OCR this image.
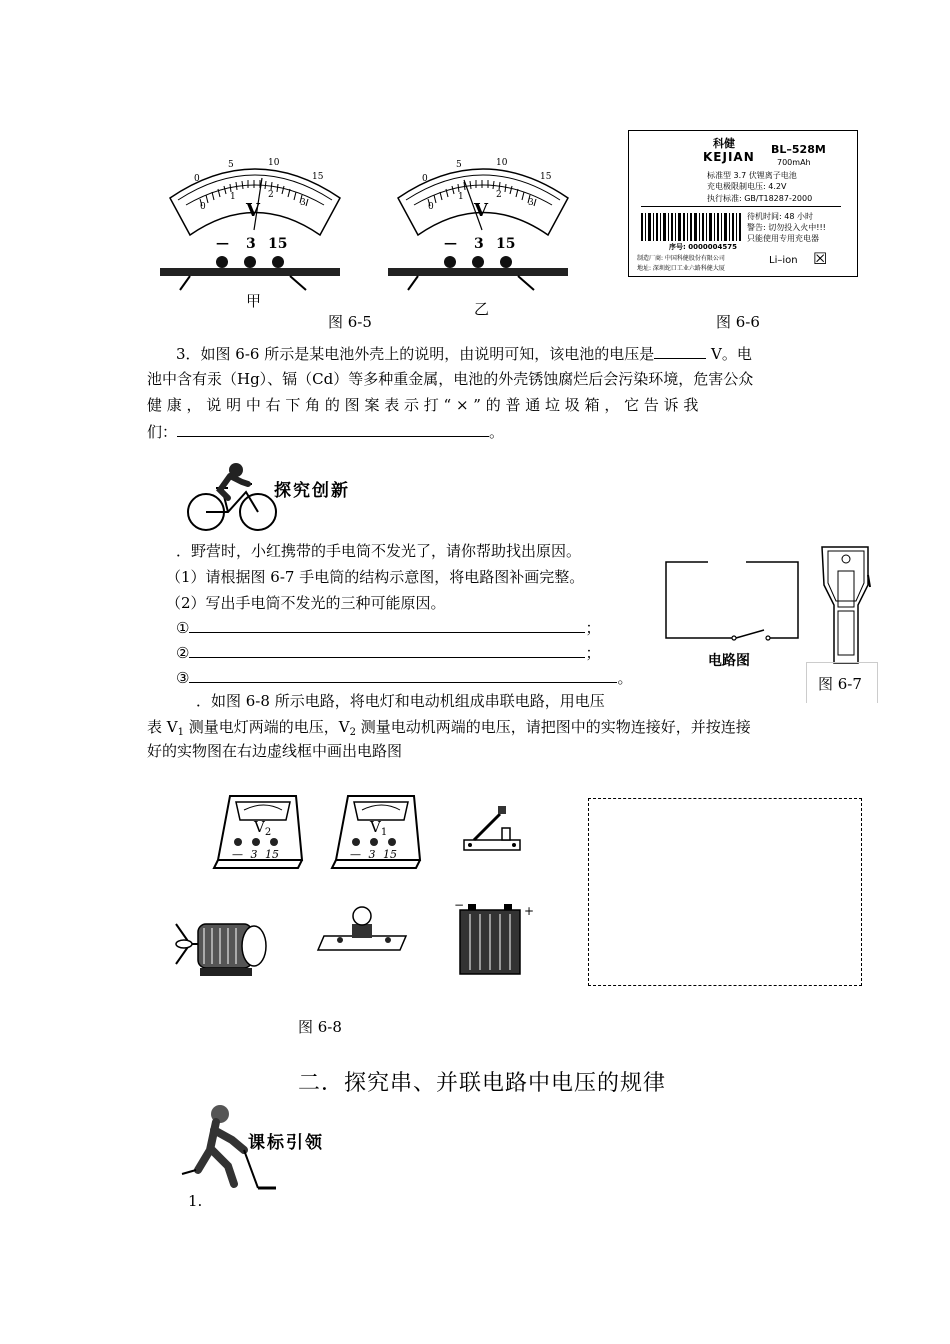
0
5	10
15
0
1	2
3
V
— 3 15
甲
0
5	10
15
0
1	2
3
V
— 3 15
乙
图 6-5
科健
KEJIAN
BL–528M
700mAh
标准型 3.7 伏锂离子电池
充电极限制电压: 4.2V
执行标准: GB/T18287-2000
待机时间: 48 小时
警告: 切勿投入火中!!!
只能使用专用充电器
序号: 0000004575
制造厂商: 中国科健股份有限公司
地址: 深圳蛇口工业六路科健大厦
Li–ion ☒
图 6-6
3．如图 6-6 所示是某电池外壳上的说明，由说明可知，该电池的电压是	V。电
池中含有汞（Hg）、镉（Cd）等多种重金属，电池的外壳锈蚀腐烂后会污染环境，危害公众
健 康 ， 说 明 中 右 下 角 的 图 案 表 示 打 “ × ” 的 普 通 垃 圾 箱 ， 它 告 诉 我
们：	。
探究创新
．野营时，小红携带的手电筒不发光了，请你帮助找出原因。
（1）请根据图 6-7 手电筒的结构示意图，将电路图补画完整。
（2）写出手电筒不发光的三种可能原因。
①	；
②	；
③	。
电路图
图 6-7
．如图 6-8 所示电路，将电灯和电动机组成串联电路，用电压
表 $V_1$ 测量电灯两端的电压，$V_2$ 测量电动机两端的电压，请把图中的实物连接好，并按连接
好的实物图在右边虚线框中画出电路图
$V_2$
— 3 15
$V_1$
— 3 15
−	+
图 6-8
二．探究串、并联电路中电压的规律
课标引领
1.
